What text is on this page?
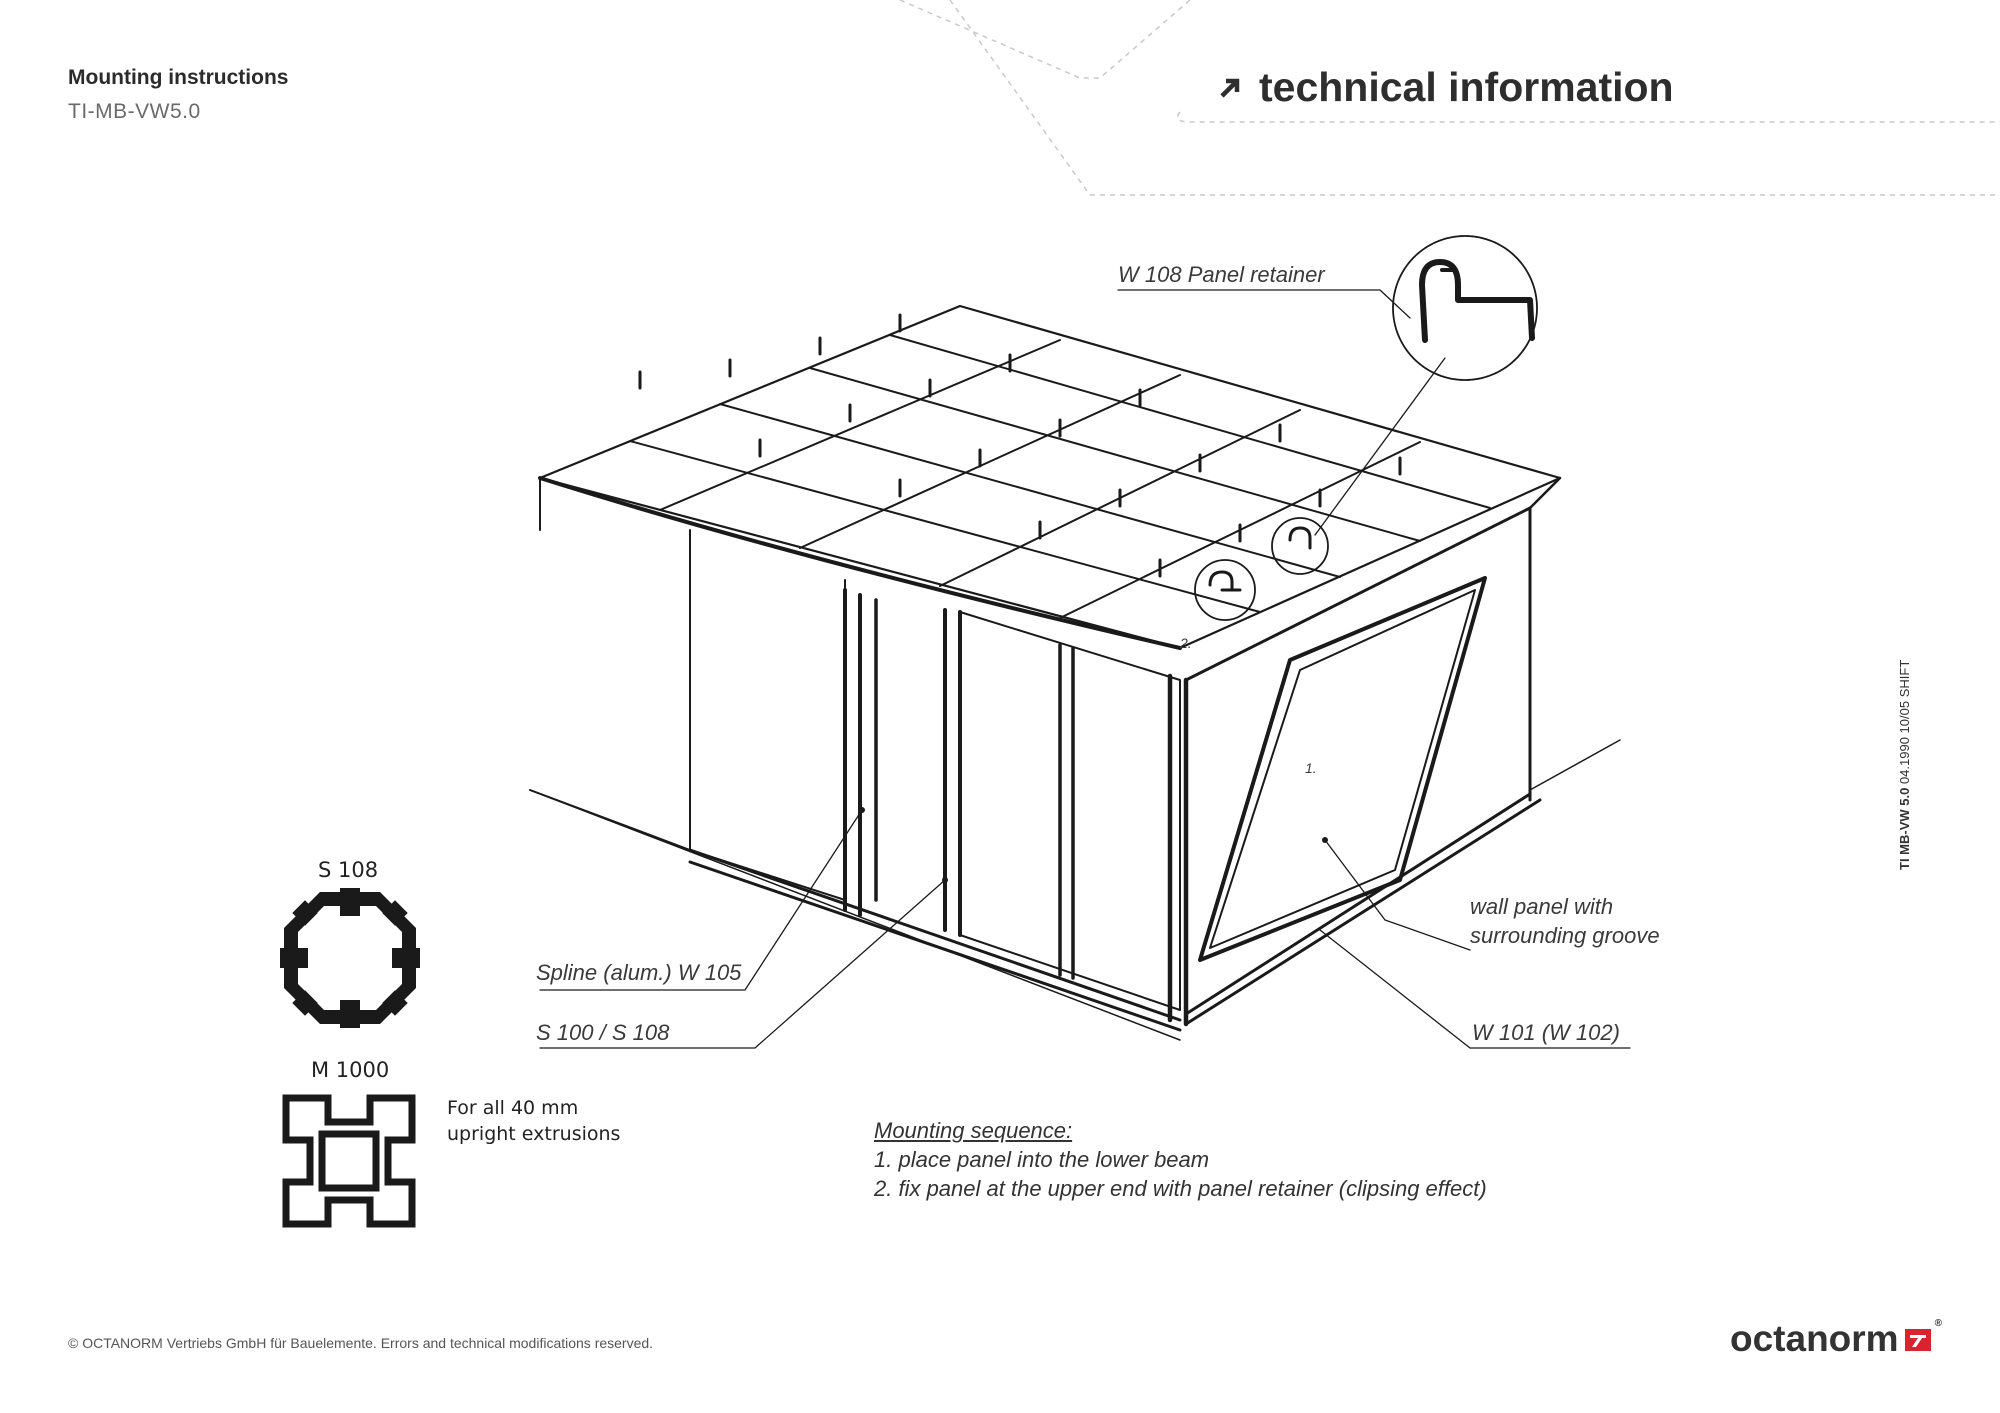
Mounting instructions
TI-MB-VW5.0
technical information
TI MB-VW 5.0 04.1990 10/05 SHIFT
W 108 Panel retainer
Spline (alum.) W 105
S 100 / S 108
wall panel with
surrounding groove
W 101 (W 102)
1.
2.
S 108
M 1000
For all 40 mm
upright extrusions	Mounting sequence:
1. place panel into the lower beam
2. fix panel at the upper end with panel retainer (clipsing effect)
© OCTANORM Vertriebs GmbH für Bauelemente. Errors and technical modifications reserved.	octanorm	®
